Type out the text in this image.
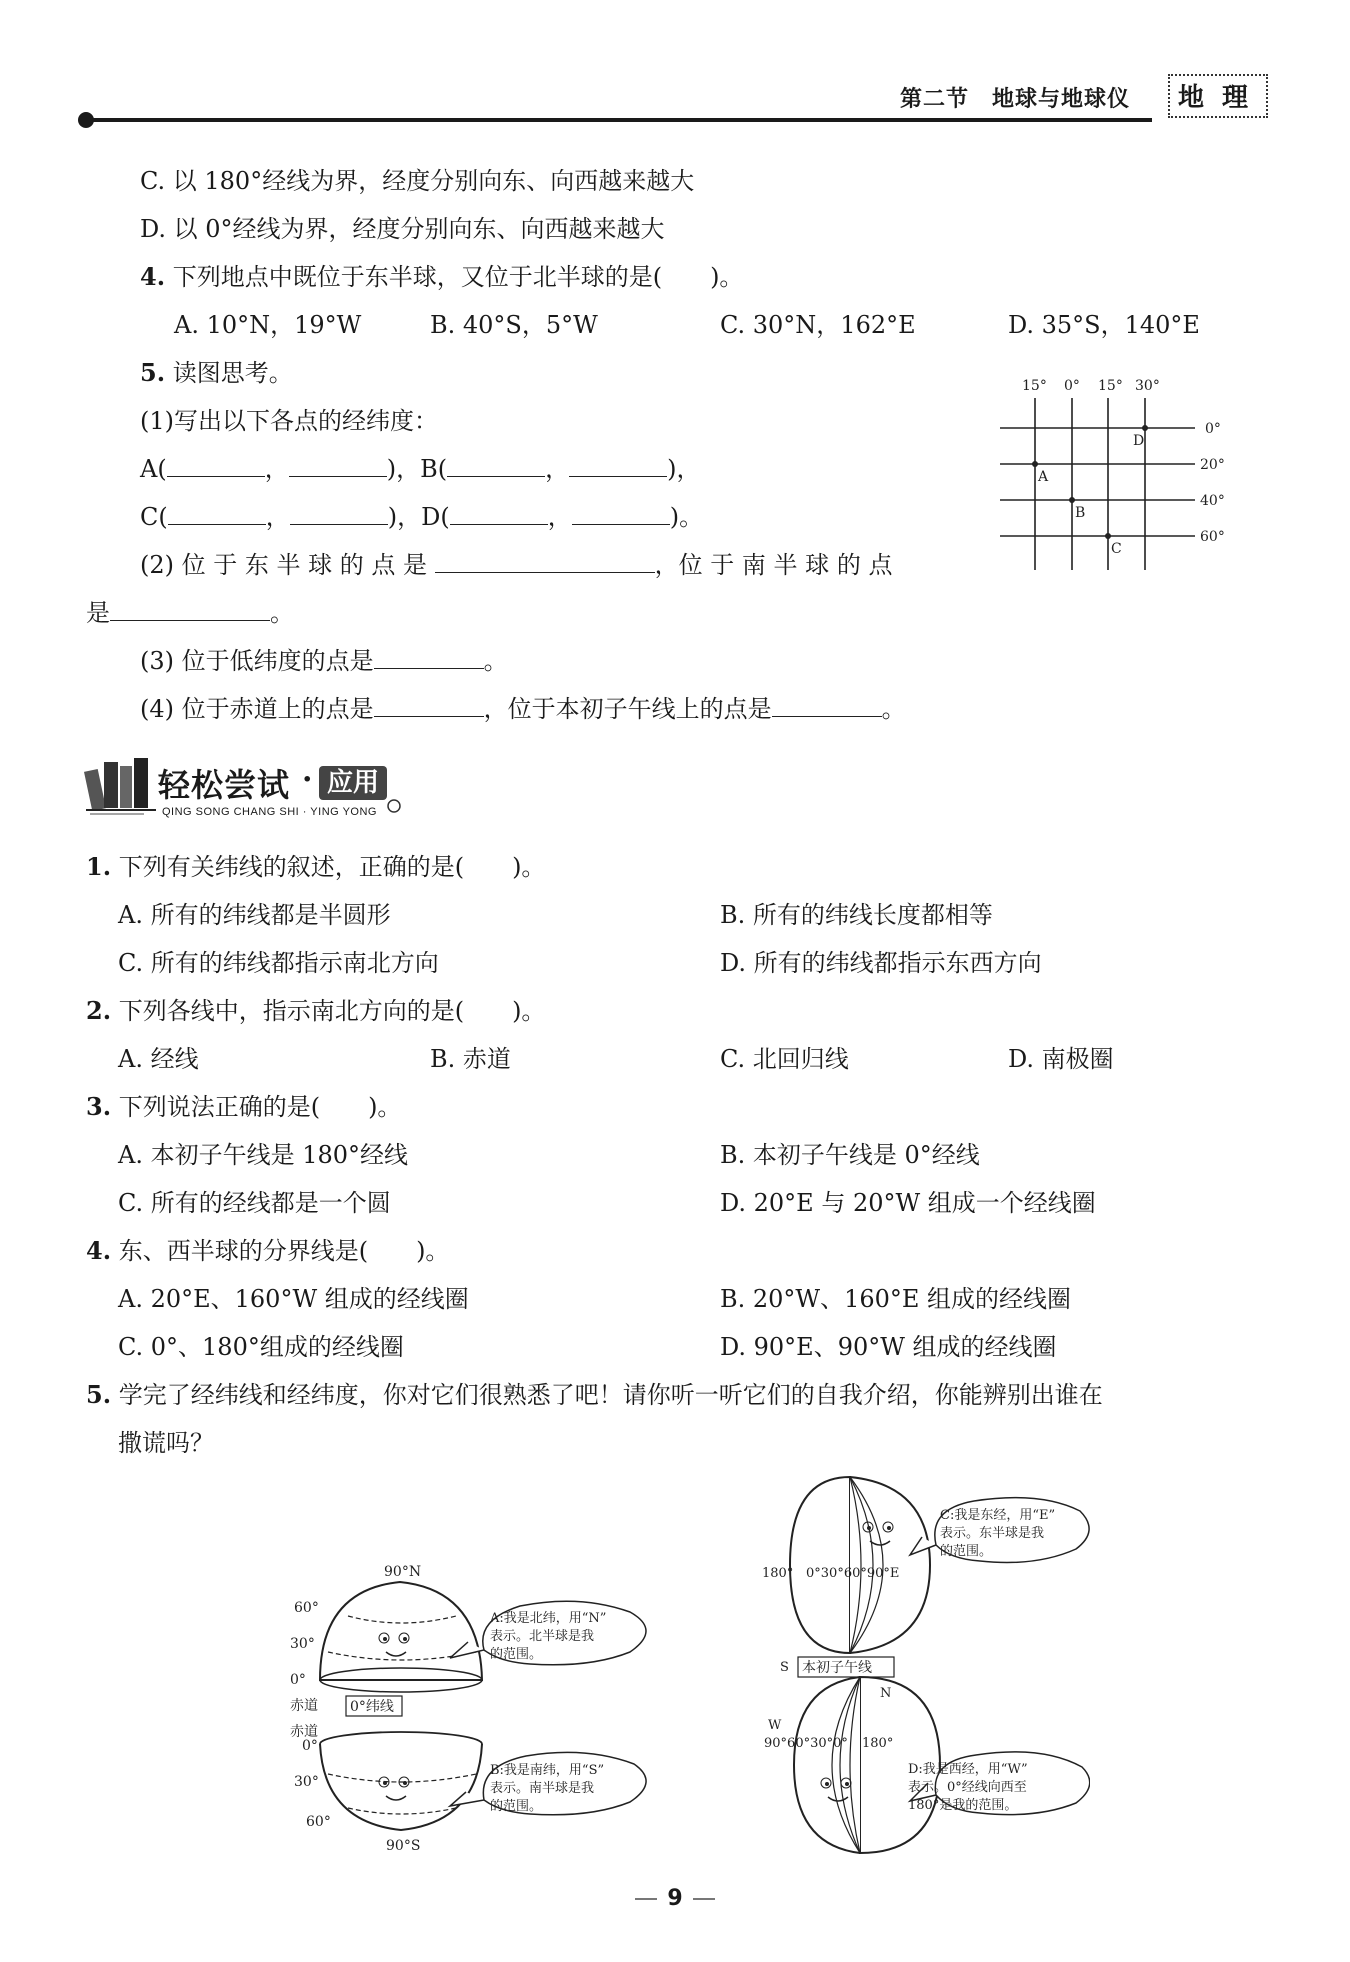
第二节　地球与地球仪	地理
C. 以 180°经线为界，经度分别向东、向西越来越大
D. 以 0°经线为界，经度分别向东、向西越来越大
4. 下列地点中既位于东半球，又位于北半球的是(　　)。
A. 10°N，19°W	B. 40°S，5°W	C. 30°N，162°E	D. 35°S，140°E
5. 读图思考。
(1)写出以下各点的经纬度：
A(	，	)，B(	，	)，
C(	，	)，D(	，	)。
(2) 位 于 东 半 球 的 点 是	，位 于 南 半 球 的 点
是	。
(3) 位于低纬度的点是	。
(4) 位于赤道上的点是	，位于本初子午线上的点是	。
15° 0° 15° 30°
0°
20°
40°
60°
A
B
C
D
轻松尝试 · 应用
QING SONG CHANG SHI · YING YONG
1. 下列有关纬线的叙述，正确的是(　　)。
A. 所有的纬线都是半圆形	B. 所有的纬线长度都相等
C. 所有的纬线都指示南北方向	D. 所有的纬线都指示东西方向
2. 下列各线中，指示南北方向的是(　　)。
A. 经线	B. 赤道	C. 北回归线	D. 南极圈
3. 下列说法正确的是(　　)。
A. 本初子午线是 180°经线	B. 本初子午线是 0°经线
C. 所有的经线都是一个圆	D. 20°E 与 20°W 组成一个经线圈
4. 东、西半球的分界线是(　　)。
A. 20°E、160°W 组成的经线圈	B. 20°W、160°E 组成的经线圈
C. 0°、180°组成的经线圈	D. 90°E、90°W 组成的经线圈
5. 学完了经纬线和经纬度，你对它们很熟悉了吧！请你听一听它们的自我介绍，你能辨别出谁在
撒谎吗？
90°N
60°
30°
0°
赤道 0°纬线
A:我是北纬，用“N”
表示。北半球是我
的范围。
赤道
0°
30°
60°
90°S
B:我是南纬，用“S”
表示。南半球是我
的范围。
180° 0°30°60°90°E
S 本初子午线
C:我是东经，用“E”
表示。东半球是我
的范围。
N
W
90°60°30°0° 180°
D:我是西经，用“W”
表示。0°经线向西至
180°是我的范围。
9
